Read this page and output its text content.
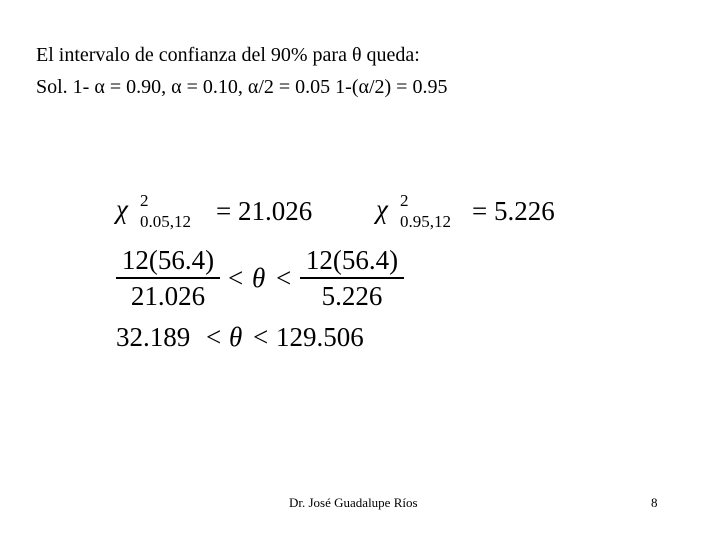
El intervalo de confianza del 90% para θ queda:
Sol. 1- α = 0.90, α = 0.10, α/2 = 0.05 1-(α/2) = 0.95
χ 2
0.05,12 = 21.026 χ 2
0.95,12 = 5.226
12(56.4)
21.026
< θ <
12(56.4)
5.226
32.189 < θ < 129.506
Dr. José Guadalupe Ríos	8
